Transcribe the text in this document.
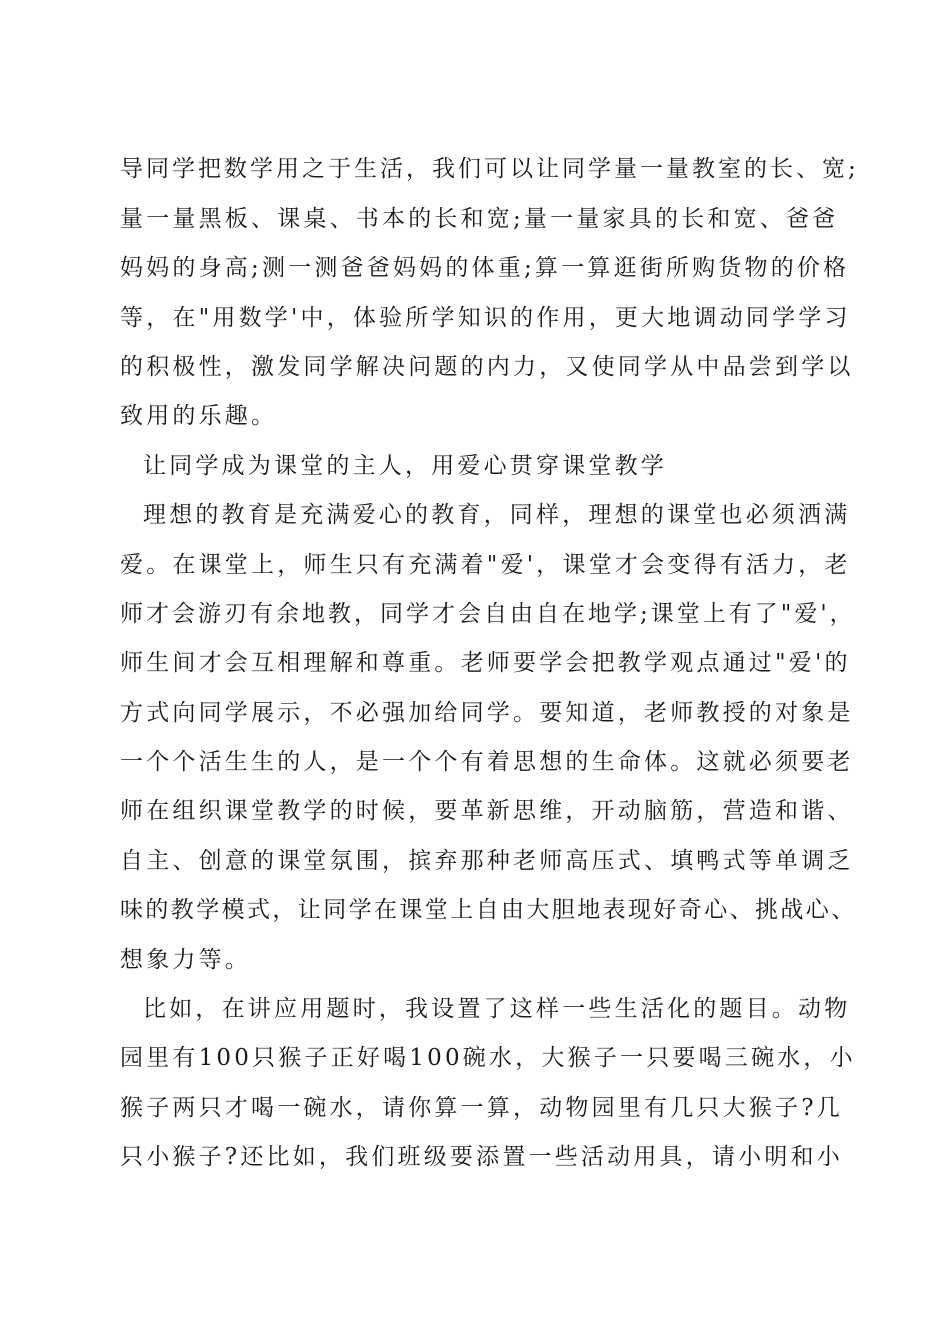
导同学把数学用之于生活，我们可以让同学量一量教室的长、宽;
量一量黑板、课桌、书本的长和宽;量一量家具的长和宽、爸爸
妈妈的身高;测一测爸爸妈妈的体重;算一算逛街所购货物的价格
等，在"用数学'中，体验所学知识的作用，更大地调动同学学习
的积极性，激发同学解决问题的内力，又使同学从中品尝到学以
致用的乐趣。
让同学成为课堂的主人，用爱心贯穿课堂教学
理想的教育是充满爱心的教育，同样，理想的课堂也必须洒满
爱。在课堂上，师生只有充满着"爱'，课堂才会变得有活力，老
师才会游刃有余地教，同学才会自由自在地学;课堂上有了"爱'，
师生间才会互相理解和尊重。老师要学会把教学观点通过"爱'的
方式向同学展示，不必强加给同学。要知道，老师教授的对象是
一个个活生生的人，是一个个有着思想的生命体。这就必须要老
师在组织课堂教学的时候，要革新思维，开动脑筋，营造和谐、
自主、创意的课堂氛围，摈弃那种老师高压式、填鸭式等单调乏
味的教学模式，让同学在课堂上自由大胆地表现好奇心、挑战心、
想象力等。
比如，在讲应用题时，我设置了这样一些生活化的题目。动物
园里有100只猴子正好喝100碗水，大猴子一只要喝三碗水，小
猴子两只才喝一碗水，请你算一算，动物园里有几只大猴子?几
只小猴子?还比如，我们班级要添置一些活动用具，请小明和小
